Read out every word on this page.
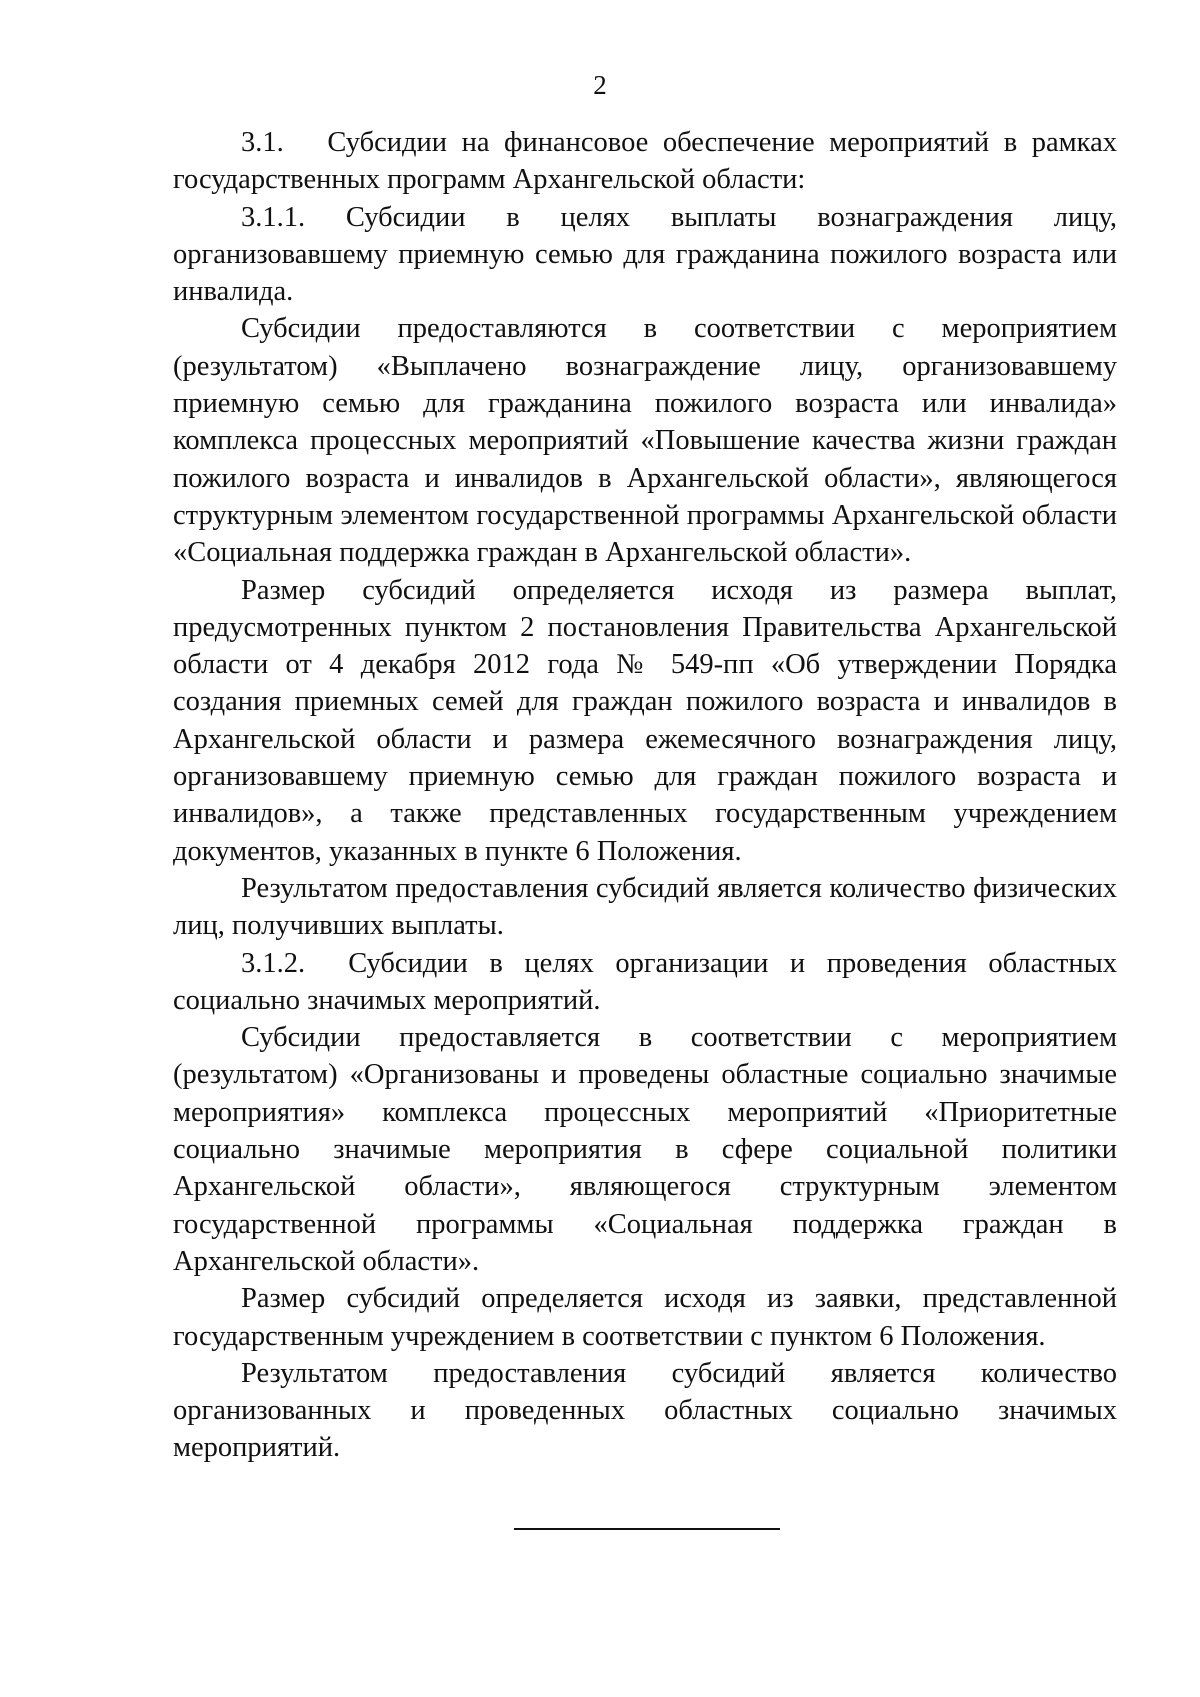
2

3.1.   Субсидии на финансовое обеспечение мероприятий в рамках государственных программ Архангельской области:

3.1.1. Субсидии в целях выплаты вознаграждения лицу, организовавшему приемную семью для гражданина пожилого возраста или инвалида.

Субсидии предоставляются в соответствии с мероприятием (результатом) «Выплачено вознаграждение лицу, организовавшему приемную семью для гражданина пожилого возраста или инвалида» комплекса процессных мероприятий «Повышение качества жизни граждан пожилого возраста и инвалидов в Архангельской области», являющегося структурным элементом государственной программы Архангельской области «Социальная поддержка граждан в Архангельской области».

Размер субсидий определяется исходя из размера выплат, предусмотренных пунктом 2 постановления Правительства Архангельской области от 4 декабря 2012 года № 549-пп «Об утверждении Порядка создания приемных семей для граждан пожилого возраста и инвалидов в Архангельской области и размера ежемесячного вознаграждения лицу, организовавшему приемную семью для граждан пожилого возраста и инвалидов», а также представленных государственным учреждением документов, указанных в пункте 6 Положения.

Результатом предоставления субсидий является количество физических лиц, получивших выплаты.

3.1.2.  Субсидии в целях организации и проведения областных социально значимых мероприятий.

Субсидии предоставляется в соответствии с мероприятием (результатом) «Организованы и проведены областные социально значимые мероприятия» комплекса процессных мероприятий «Приоритетные социально значимые мероприятия в сфере социальной политики Архангельской области», являющегося структурным элементом государственной программы «Социальная поддержка граждан в Архангельской области».

Размер субсидий определяется исходя из заявки, представленной государственным учреждением в соответствии с пунктом 6 Положения.

Результатом предоставления субсидий является количество организованных и проведенных областных социально значимых мероприятий.
